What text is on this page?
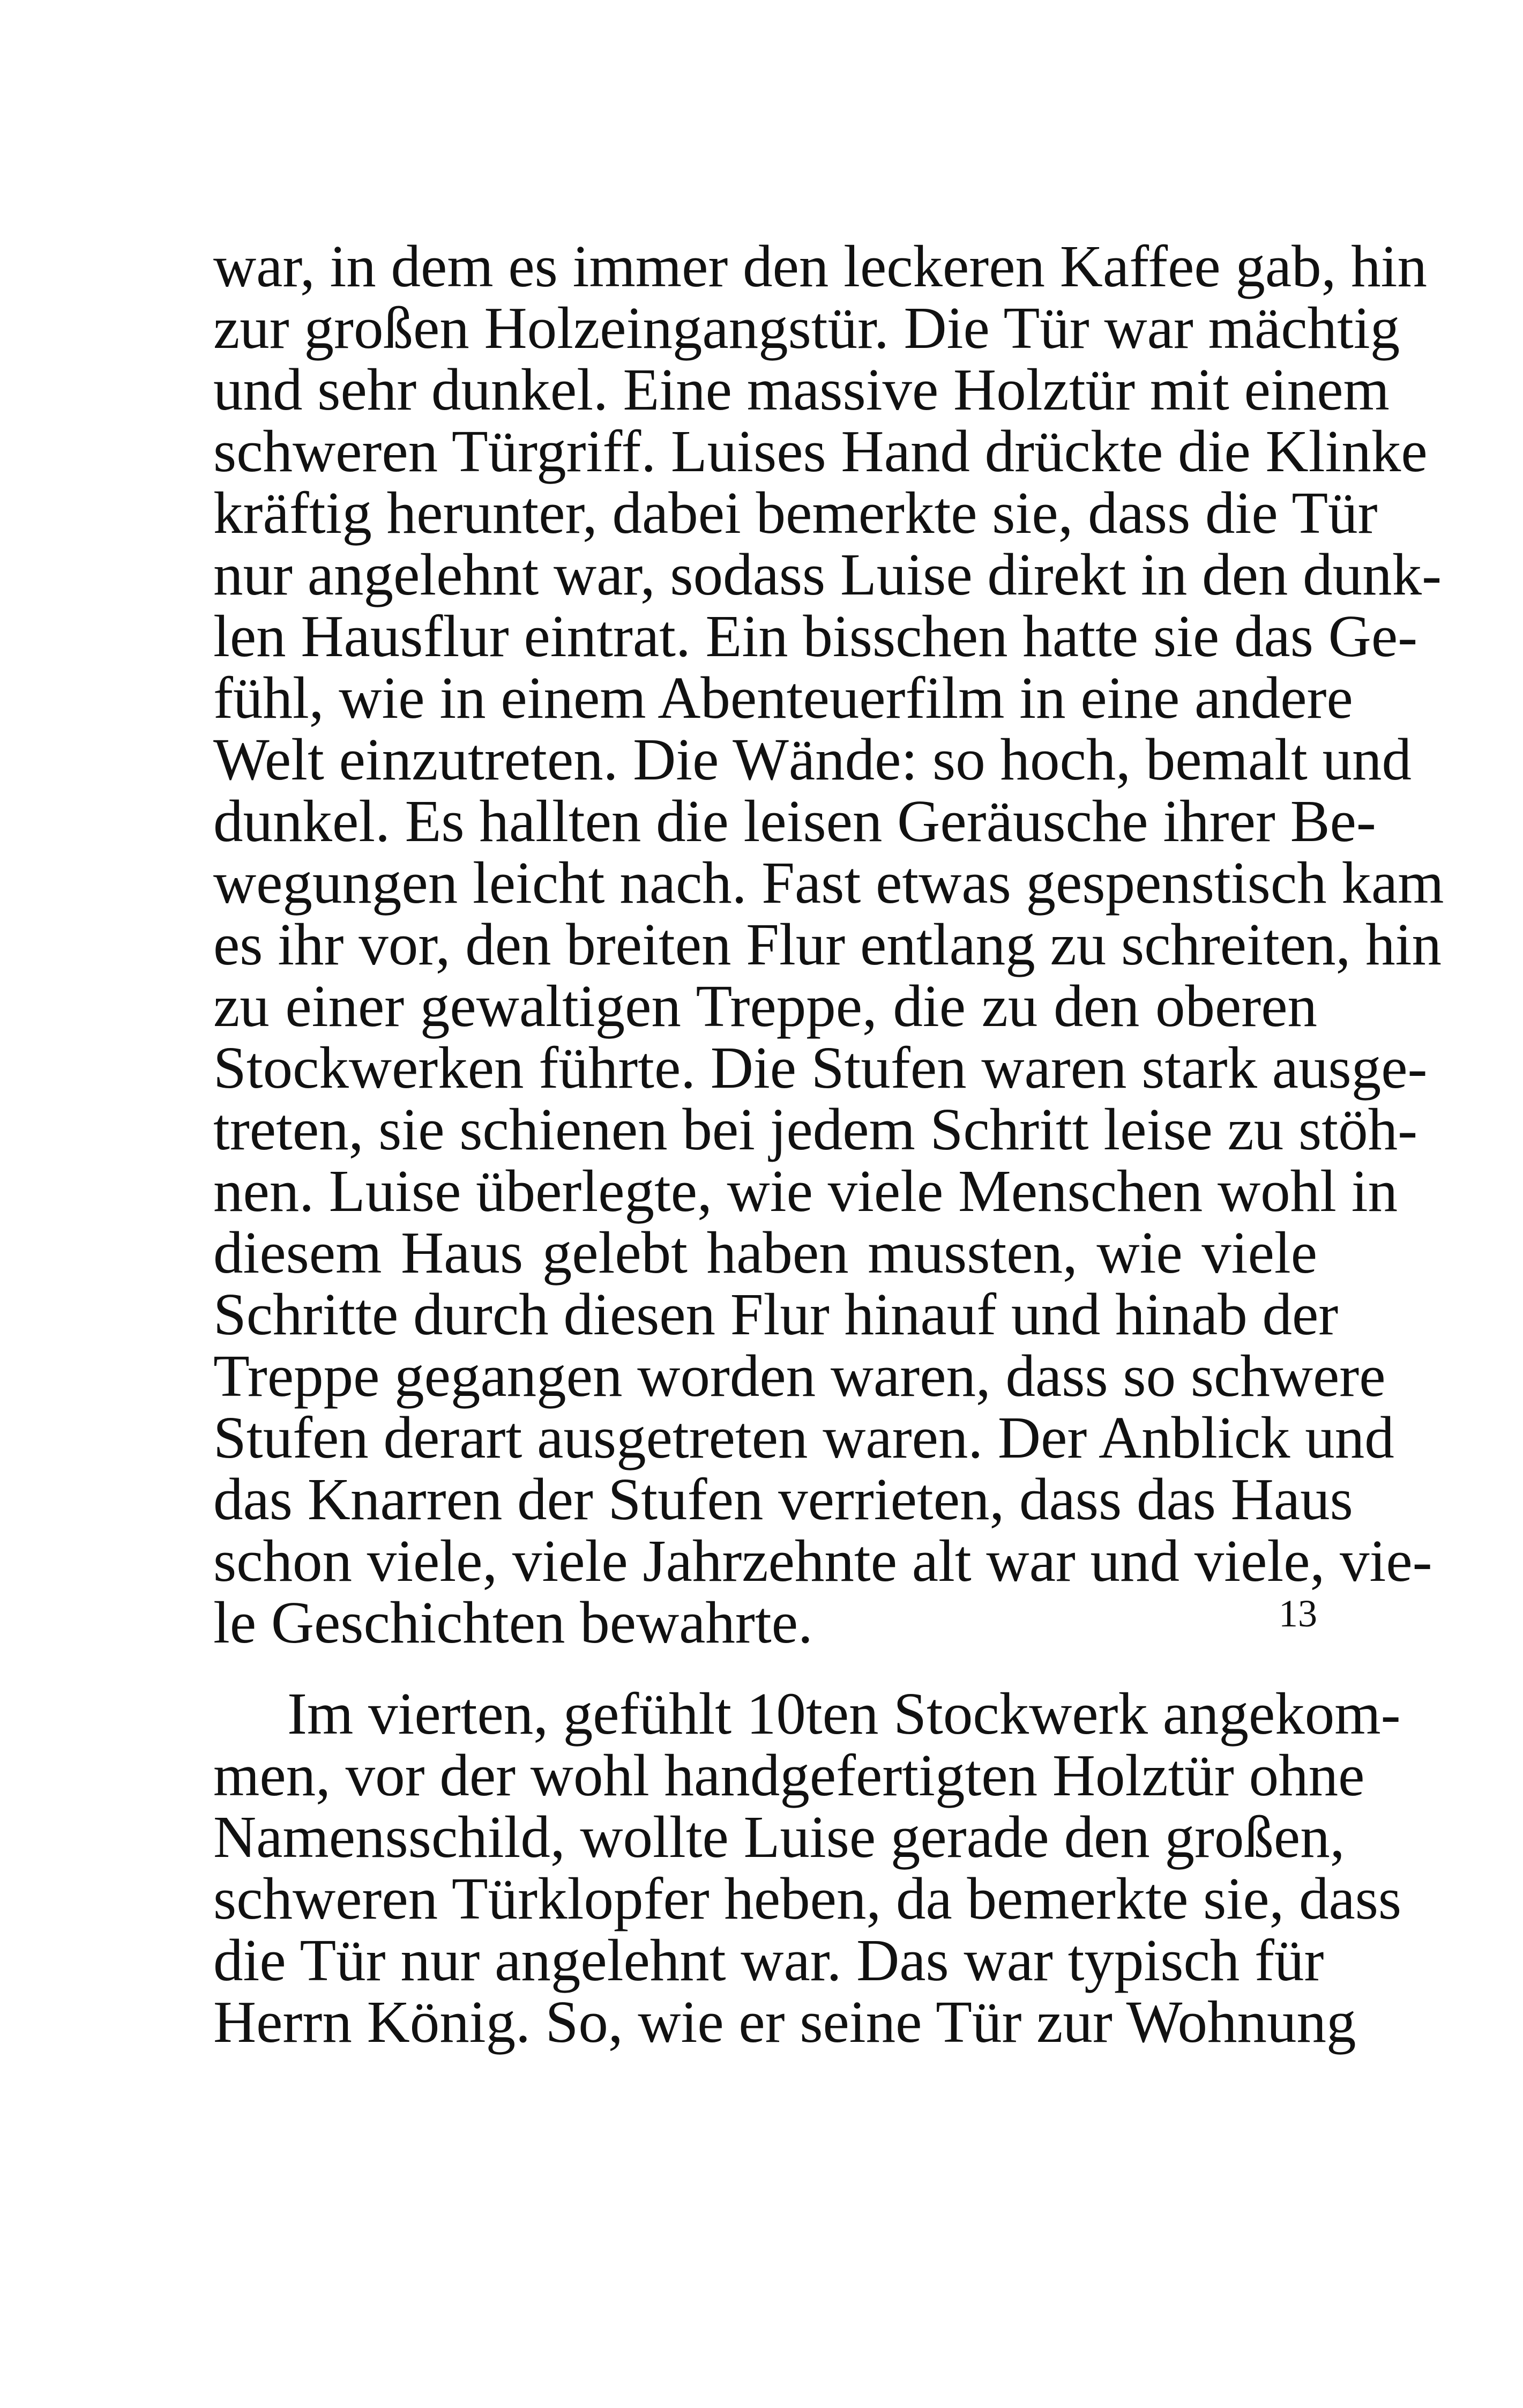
war, in dem es immer den leckeren Kaffee gab, hin
zur großen Holzeingangstür. Die Tür war mächtig
und sehr dunkel. Eine massive Holztür mit einem
schweren Türgriff. Luises Hand drückte die Klinke
kräftig herunter, dabei bemerkte sie, dass die Tür
nur angelehnt war, sodass Luise direkt in den dunk-
len Hausflur eintrat. Ein bisschen hatte sie das Ge-
fühl, wie in einem Abenteuerfilm in eine andere
Welt einzutreten. Die Wände: so hoch, bemalt und
dunkel. Es hallten die leisen Geräusche ihrer Be-
wegungen leicht nach. Fast etwas gespenstisch kam
es ihr vor, den breiten Flur entlang zu schreiten, hin
zu einer gewaltigen Treppe, die zu den oberen
Stockwerken führte. Die Stufen waren stark ausge-
treten, sie schienen bei jedem Schritt leise zu stöh-
nen. Luise überlegte, wie viele Menschen wohl in
diesem Haus gelebt haben mussten, wie viele
Schritte durch diesen Flur hinauf und hinab der
Treppe gegangen worden waren, dass so schwere
Stufen derart ausgetreten waren. Der Anblick und
das Knarren der Stufen verrieten, dass das Haus
schon viele, viele Jahrzehnte alt war und viele, vie-
le Geschichten bewahrte.
Im vierten, gefühlt 10ten Stockwerk angekom-
men, vor der wohl handgefertigten Holztür ohne
Namensschild, wollte Luise gerade den großen,
schweren Türklopfer heben, da bemerkte sie, dass
die Tür nur angelehnt war. Das war typisch für
Herrn König. So, wie er seine Tür zur Wohnung
13
